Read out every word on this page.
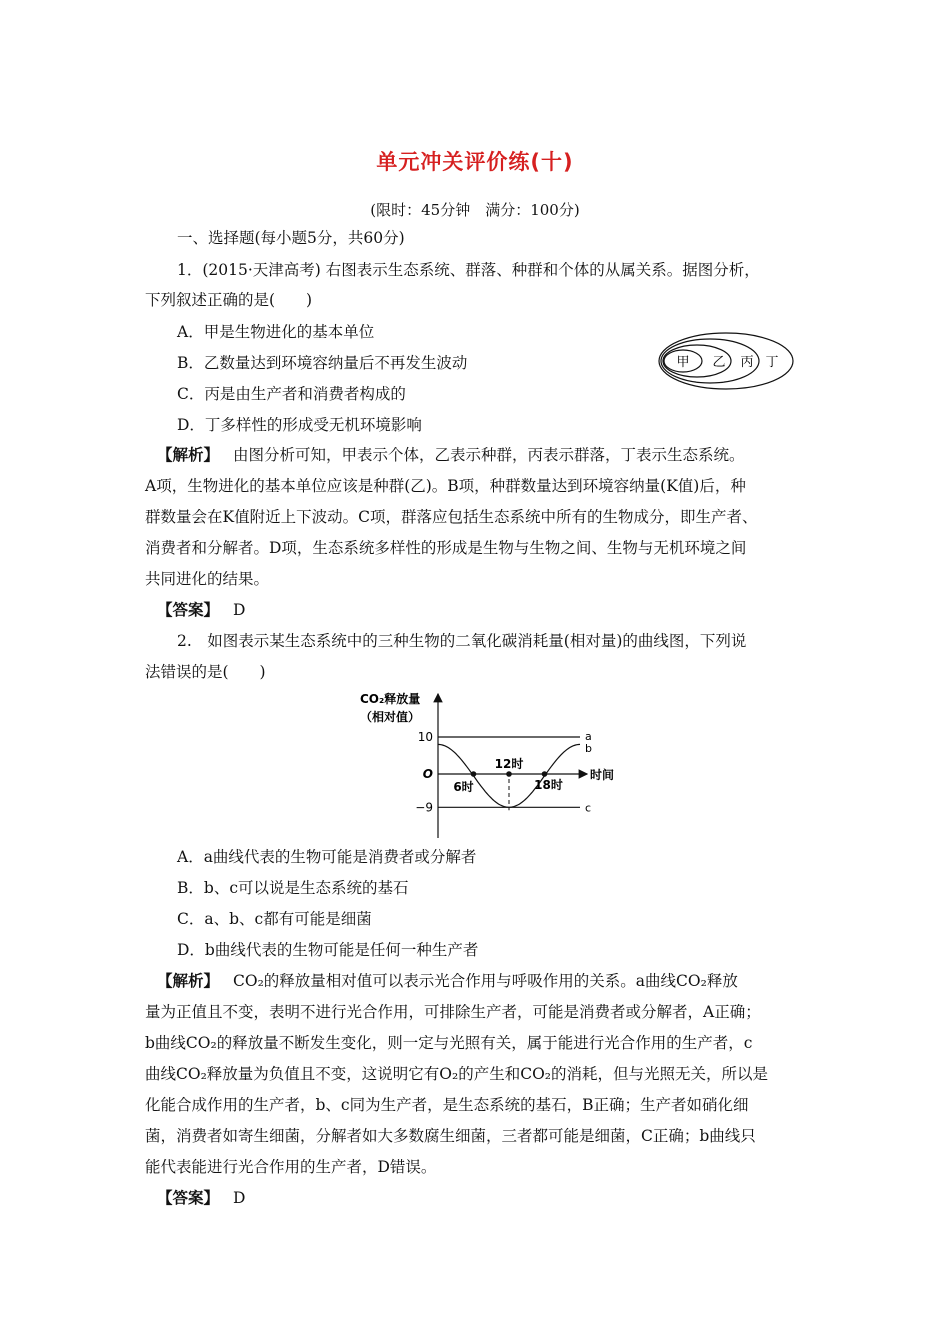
单元冲关评价练(十)
(限时：45分钟　满分：100分)
一、选择题(每小题5分，共60分)
1．(2015·天津高考) 右图表示生态系统、群落、种群和个体的从属关系。据图分析，
下列叙述正确的是(　　)
A．甲是生物进化的基本单位
B．乙数量达到环境容纳量后不再发生波动
C．丙是由生产者和消费者构成的
D．丁多样性的形成受无机环境影响
甲 乙 丙 丁
【解析】 由图分析可知，甲表示个体，乙表示种群，丙表示群落，丁表示生态系统。
A项，生物进化的基本单位应该是种群(乙)。B项，种群数量达到环境容纳量(K值)后，种
群数量会在K值附近上下波动。C项，群落应包括生态系统中所有的生物成分，即生产者、
消费者和分解者。D项，生态系统多样性的形成是生物与生物之间、生物与无机环境之间
共同进化的结果。
【答案】 D
2.　如图表示某生态系统中的三种生物的二氧化碳消耗量(相对量)的曲线图，下列说
法错误的是(　　)
CO₂释放量
（相对值）
时间
10
O
−9
6时
12时
18时
a
b
c
A．a曲线代表的生物可能是消费者或分解者
B．b、c可以说是生态系统的基石
C．a、b、c都有可能是细菌
D．b曲线代表的生物可能是任何一种生产者
【解析】 CO₂的释放量相对值可以表示光合作用与呼吸作用的关系。a曲线CO₂释放
量为正值且不变，表明不进行光合作用，可排除生产者，可能是消费者或分解者，A正确；
b曲线CO₂的释放量不断发生变化，则一定与光照有关，属于能进行光合作用的生产者，c
曲线CO₂释放量为负值且不变，这说明它有O₂的产生和CO₂的消耗，但与光照无关，所以是
化能合成作用的生产者，b、c同为生产者，是生态系统的基石，B正确；生产者如硝化细
菌，消费者如寄生细菌，分解者如大多数腐生细菌，三者都可能是细菌，C正确；b曲线只
能代表能进行光合作用的生产者，D错误。
【答案】 D
